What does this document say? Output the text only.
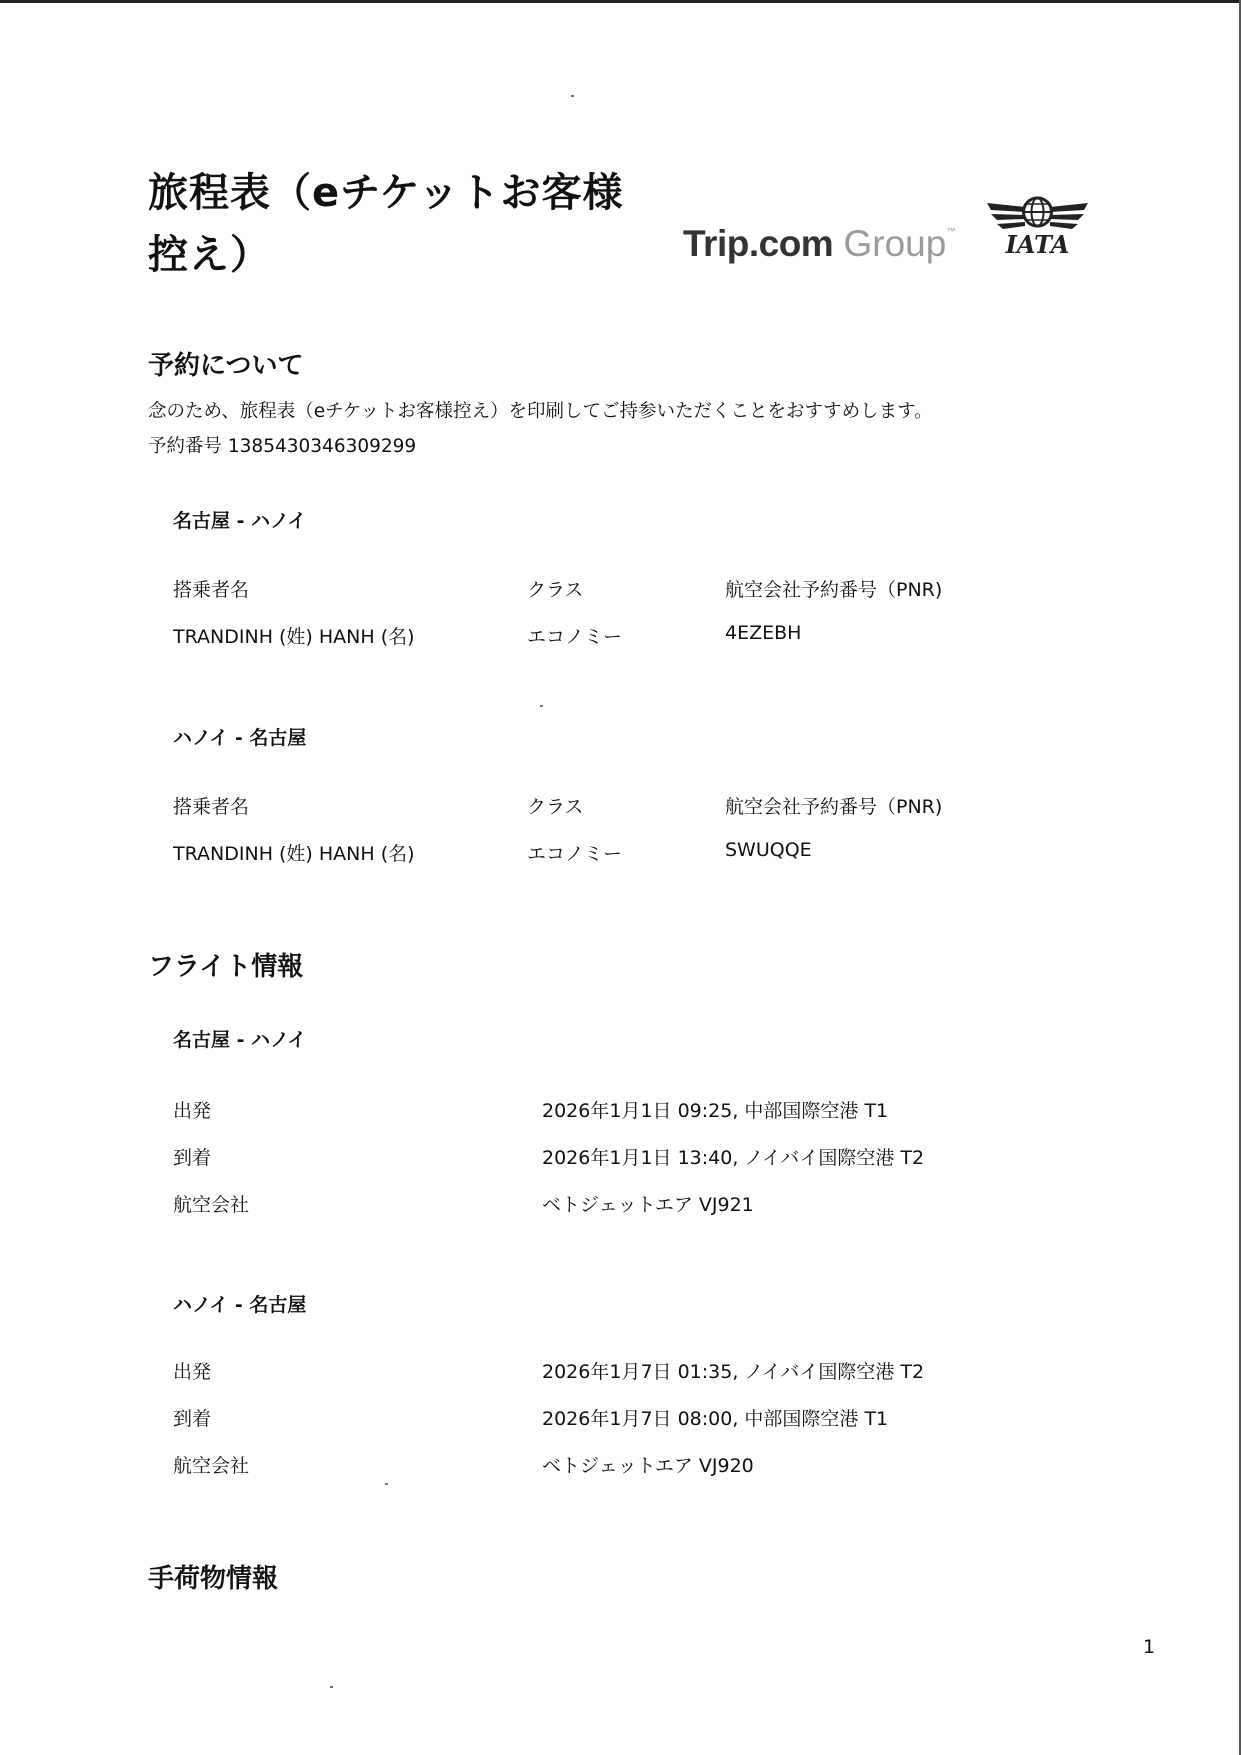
旅程表（eチケットお客様
控え）	Trip.com Group™ IATA
予約について

念のため、旅程表（eチケットお客様控え）を印刷してご持参いただくことをおすすめします。

予約番号 1385430346309299

名古屋 - ハノイ
搭乗者名	クラス	航空会社予約番号（PNR)
TRANDINH (姓) HANH (名)	エコノミー	4EZEBH
ハノイ - 名古屋
搭乗者名	クラス	航空会社予約番号（PNR)
TRANDINH (姓) HANH (名)	エコノミー	SWUQQE
フライト情報
名古屋 - ハノイ
出発	2026年1月1日 09:25, 中部国際空港 T1
到着	2026年1月1日 13:40, ノイバイ国際空港 T2
航空会社	ベトジェットエア VJ921
ハノイ - 名古屋
出発	2026年1月7日 01:35, ノイバイ国際空港 T2
到着	2026年1月7日 08:00, 中部国際空港 T1
航空会社	ベトジェットエア VJ920
手荷物情報
1
